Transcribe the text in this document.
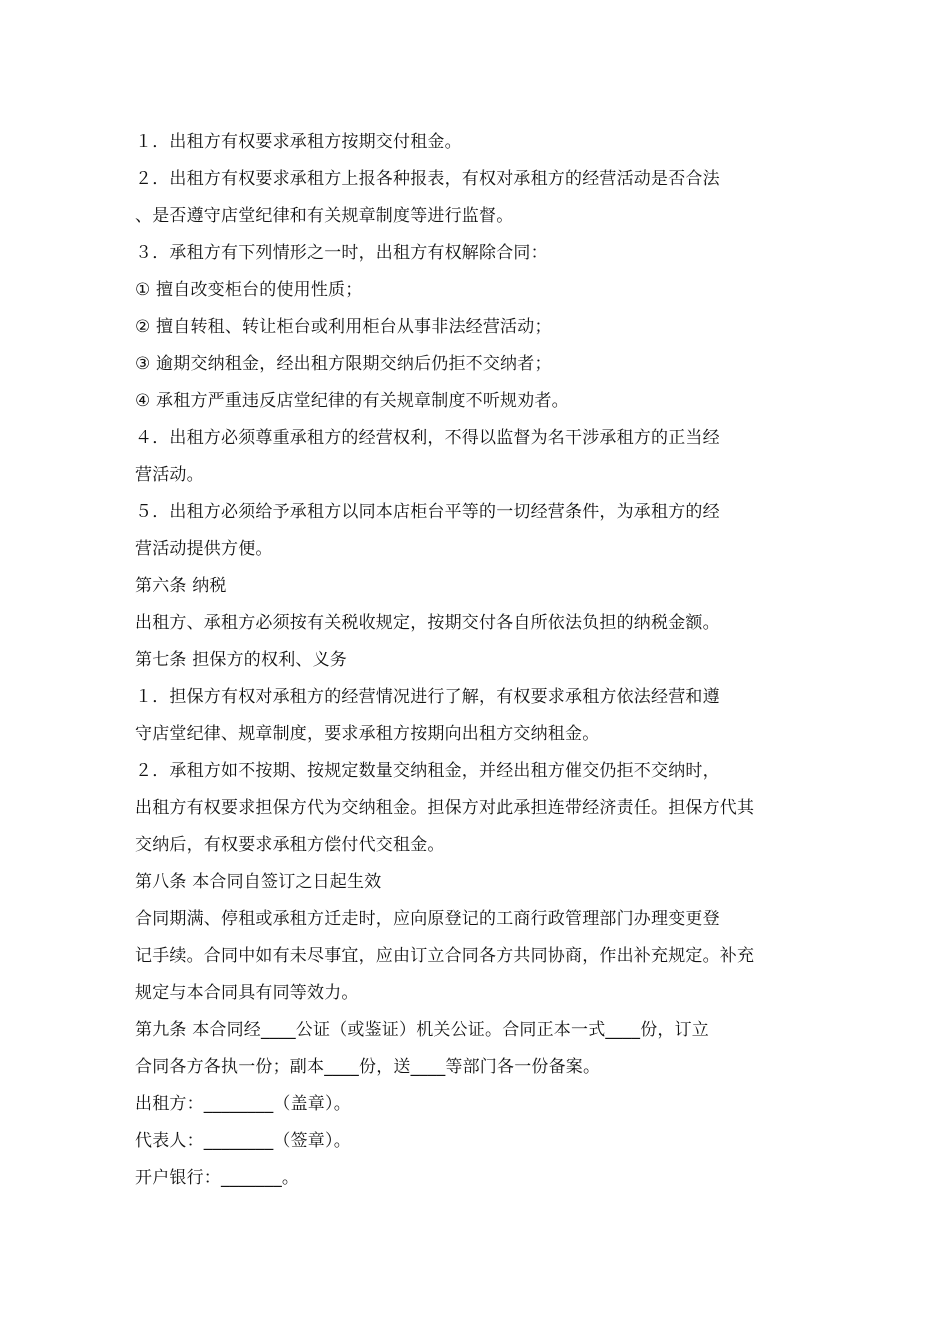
１．出租方有权要求承租方按期交付租金。
２．出租方有权要求承租方上报各种报表，有权对承租方的经营活动是否合法
、是否遵守店堂纪律和有关规章制度等进行监督。
３．承租方有下列情形之一时，出租方有权解除合同：
① 擅自改变柜台的使用性质；
② 擅自转租、转让柜台或利用柜台从事非法经营活动；
③ 逾期交纳租金，经出租方限期交纳后仍拒不交纳者；
④ 承租方严重违反店堂纪律的有关规章制度不听规劝者。
４．出租方必须尊重承租方的经营权利，不得以监督为名干涉承租方的正当经
营活动。
５．出租方必须给予承租方以同本店柜台平等的一切经营条件，为承租方的经
营活动提供方便。
第六条 纳税
出租方、承租方必须按有关税收规定，按期交付各自所依法负担的纳税金额。
第七条 担保方的权利、义务
１．担保方有权对承租方的经营情况进行了解，有权要求承租方依法经营和遵
守店堂纪律、规章制度，要求承租方按期向出租方交纳租金。
２．承租方如不按期、按规定数量交纳租金，并经出租方催交仍拒不交纳时，
出租方有权要求担保方代为交纳租金。担保方对此承担连带经济责任。担保方代其
交纳后，有权要求承租方偿付代交租金。
第八条 本合同自签订之日起生效
合同期满、停租或承租方迁走时，应向原登记的工商行政管理部门办理变更登
记手续。合同中如有未尽事宜，应由订立合同各方共同协商，作出补充规定。补充
规定与本合同具有同等效力。
第九条 本合同经____公证（或鉴证）机关公证。合同正本一式____份，订立
合同各方各执一份；副本____份，送____等部门各一份备案。
出租方：________（盖章）。
代表人：________（签章）。
开户银行：_______。
